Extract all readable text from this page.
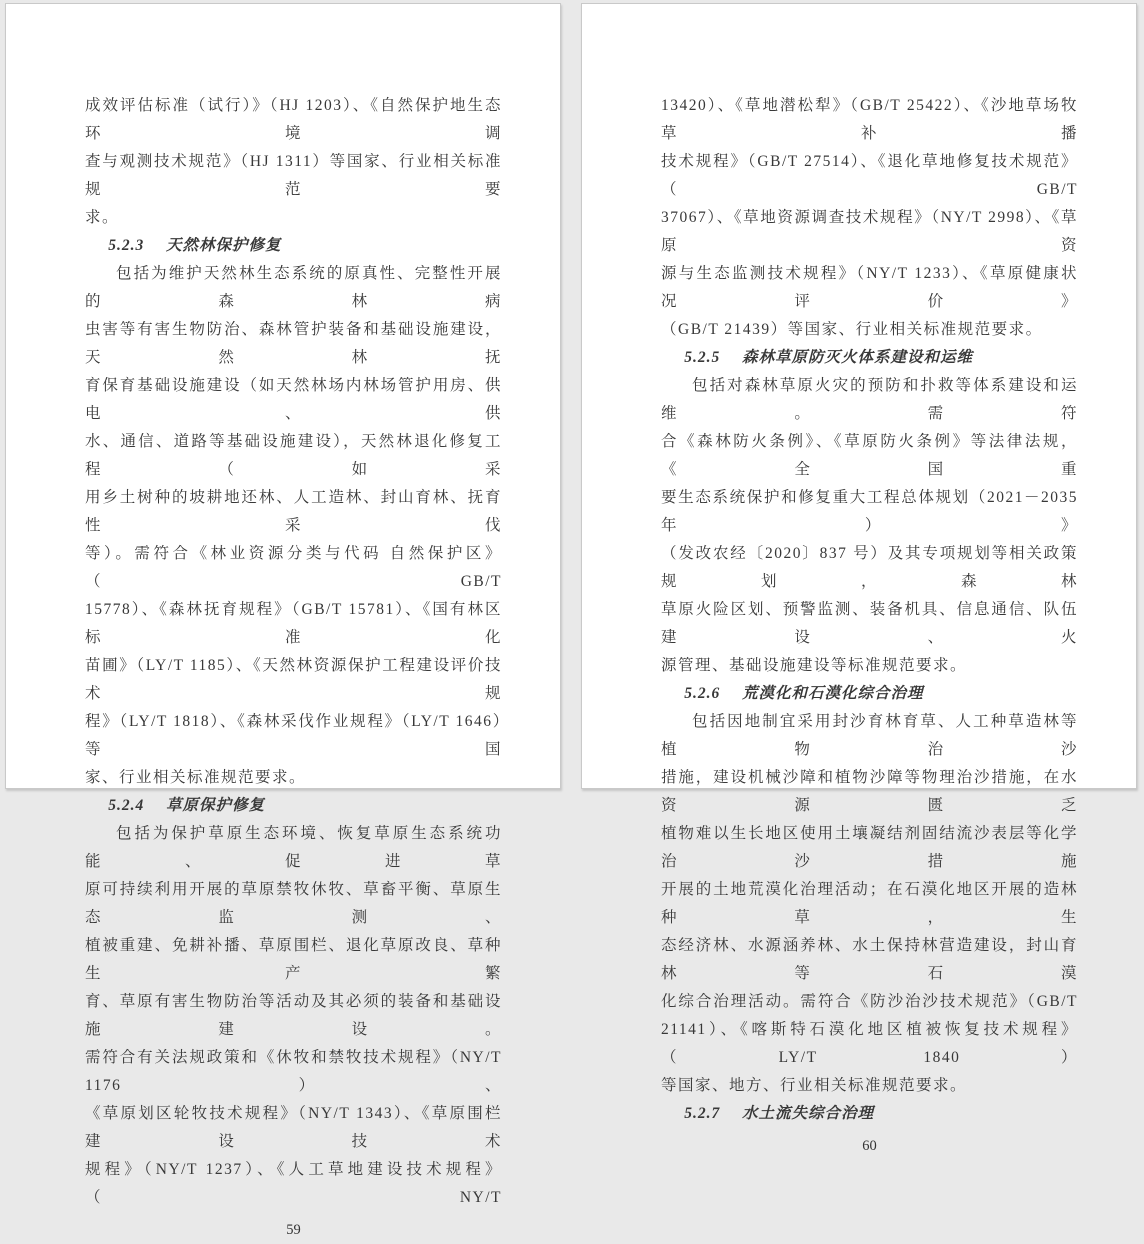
成效评估标准（试行）》（HJ 1203）、《自然保护地生态环境调
查与观测技术规范》（HJ 1311）等国家、行业相关标准规范要
求。
5.2.3 天然林保护修复
包括为维护天然林生态系统的原真性、完整性开展的森林病
虫害等有害生物防治、森林管护装备和基础设施建设，天然林抚
育保育基础设施建设（如天然林场内林场管护用房、供电、供
水、通信、道路等基础设施建设），天然林退化修复工程（如采
用乡土树种的坡耕地还林、人工造林、封山育林、抚育性采伐
等）。需符合《林业资源分类与代码 自然保护区》（GB/T
15778）、《森林抚育规程》（GB/T 15781）、《国有林区标准化
苗圃》（LY/T 1185）、《天然林资源保护工程建设评价技术规
程》（LY/T 1818）、《森林采伐作业规程》（LY/T 1646）等国
家、行业相关标准规范要求。
5.2.4 草原保护修复
包括为保护草原生态环境、恢复草原生态系统功能、促进草
原可持续利用开展的草原禁牧休牧、草畜平衡、草原生态监测、
植被重建、免耕补播、草原围栏、退化草原改良、草种生产繁
育、草原有害生物防治等活动及其必须的装备和基础设施建设。
需符合有关法规政策和《休牧和禁牧技术规程》（NY/T 1176）、
《草原划区轮牧技术规程》（NY/T 1343）、《草原围栏建设技术
规程》（NY/T 1237）、《人工草地建设技术规程》（NY/T
59
13420）、《草地潜松犁》（GB/T 25422）、《沙地草场牧草补播
技术规程》（GB/T 27514）、《退化草地修复技术规范》（GB/T
37067）、《草地资源调查技术规程》（NY/T 2998）、《草原资
源与生态监测技术规程》（NY/T 1233）、《草原健康状况评价》
（GB/T 21439）等国家、行业相关标准规范要求。
5.2.5 森林草原防灭火体系建设和运维
包括对森林草原火灾的预防和扑救等体系建设和运维。需符
合《森林防火条例》、《草原防火条例》等法律法规，《全国重
要生态系统保护和修复重大工程总体规划（2021－2035 年）》
（发改农经〔2020〕837 号）及其专项规划等相关政策规划，森林
草原火险区划、预警监测、装备机具、信息通信、队伍建设、火
源管理、基础设施建设等标准规范要求。
5.2.6 荒漠化和石漠化综合治理
包括因地制宜采用封沙育林育草、人工种草造林等植物治沙
措施，建设机械沙障和植物沙障等物理治沙措施，在水资源匮乏
植物难以生长地区使用土壤凝结剂固结流沙表层等化学治沙措施
开展的土地荒漠化治理活动；在石漠化地区开展的造林种草，生
态经济林、水源涵养林、水土保持林营造建设，封山育林等石漠
化综合治理活动。需符合《防沙治沙技术规范》（GB/T
21141）、《喀斯特石漠化地区植被恢复技术规程》（LY/T 1840）
等国家、地方、行业相关标准规范要求。
5.2.7 水土流失综合治理
60
